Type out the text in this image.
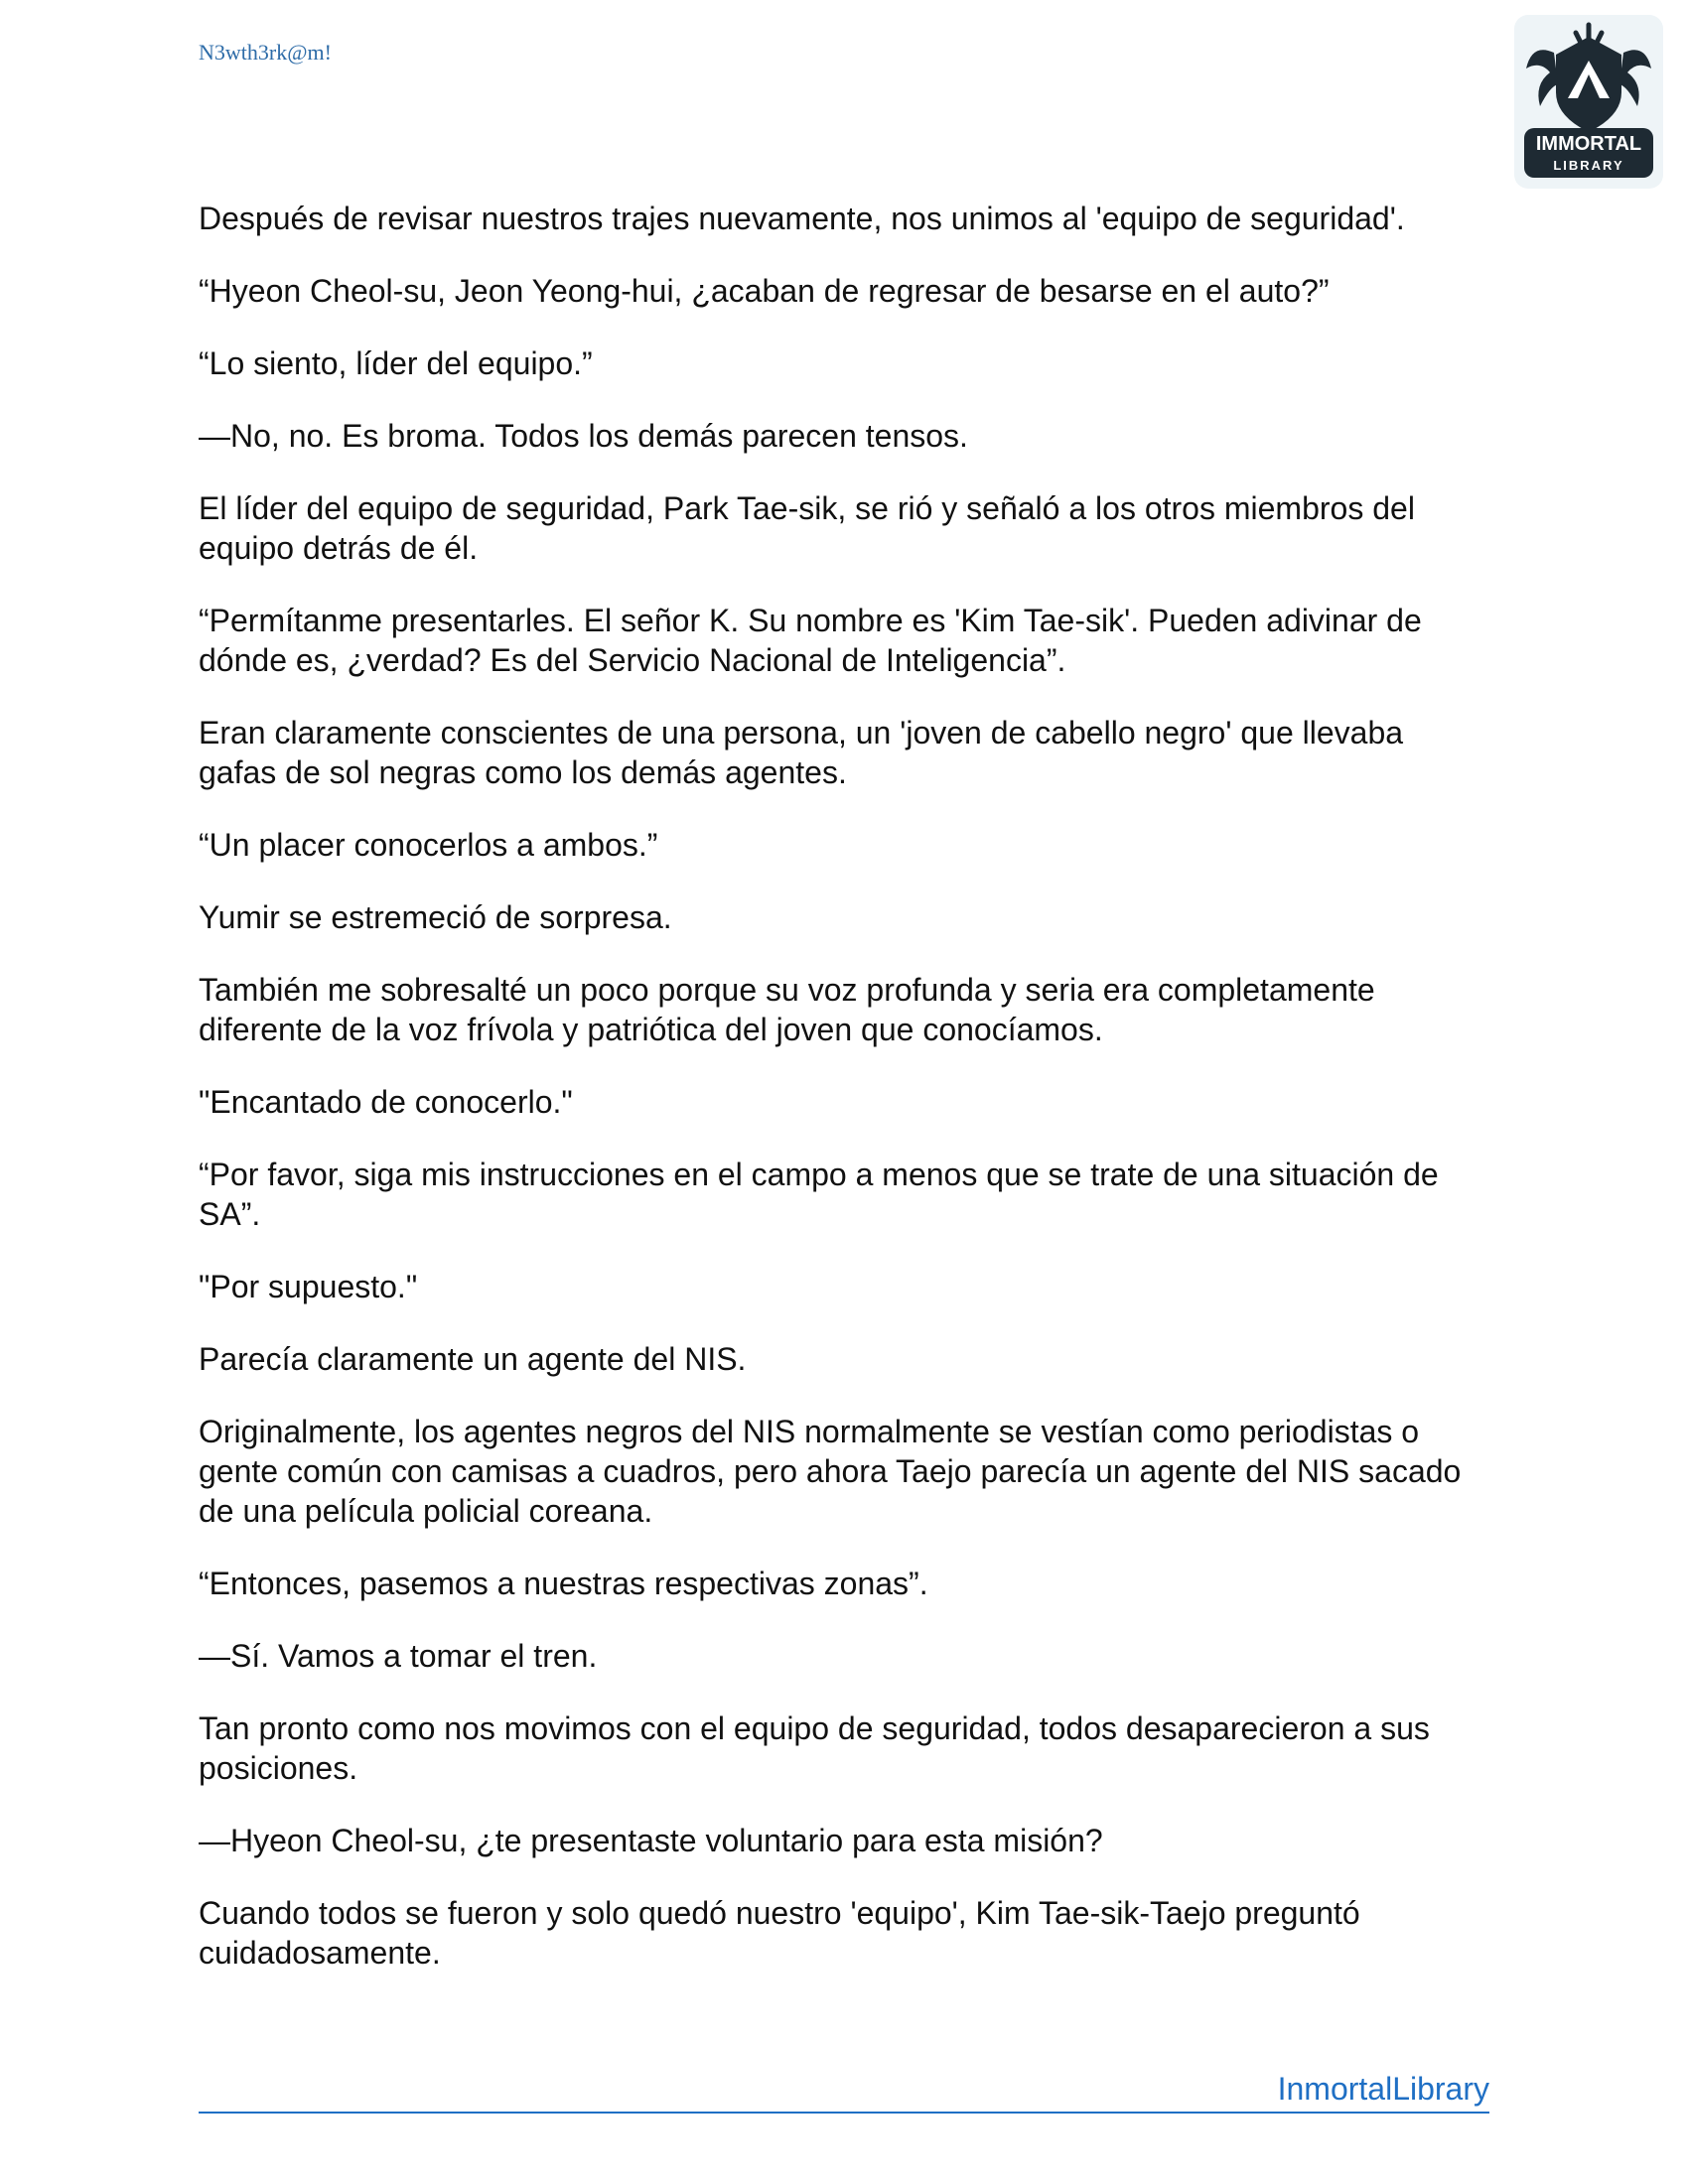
N3wth3rk@m!
IMMORTAL
LIBRARY

Después de revisar nuestros trajes nuevamente, nos unimos al 'equipo de seguridad'.

“Hyeon Cheol-su, Jeon Yeong-hui, ¿acaban de regresar de besarse en el auto?”

“Lo siento, líder del equipo.”

—No, no. Es broma. Todos los demás parecen tensos.

El líder del equipo de seguridad, Park Tae-sik, se rió y señaló a los otros miembros del equipo detrás de él.

“Permítanme presentarles. El señor K. Su nombre es 'Kim Tae-sik'. Pueden adivinar de dónde es, ¿verdad? Es del Servicio Nacional de Inteligencia”.

Eran claramente conscientes de una persona, un 'joven de cabello negro' que llevaba gafas de sol negras como los demás agentes.

“Un placer conocerlos a ambos.”

Yumir se estremeció de sorpresa.

También me sobresalté un poco porque su voz profunda y seria era completamente diferente de la voz frívola y patriótica del joven que conocíamos.

"Encantado de conocerlo."

“Por favor, siga mis instrucciones en el campo a menos que se trate de una situación de SA”.

"Por supuesto."

Parecía claramente un agente del NIS.

Originalmente, los agentes negros del NIS normalmente se vestían como periodistas o gente común con camisas a cuadros, pero ahora Taejo parecía un agente del NIS sacado de una película policial coreana.

“Entonces, pasemos a nuestras respectivas zonas”.

—Sí. Vamos a tomar el tren.

Tan pronto como nos movimos con el equipo de seguridad, todos desaparecieron a sus posiciones.

—Hyeon Cheol-su, ¿te presentaste voluntario para esta misión?

Cuando todos se fueron y solo quedó nuestro 'equipo', Kim Tae-sik-Taejo preguntó cuidadosamente.

InmortalLibrary
